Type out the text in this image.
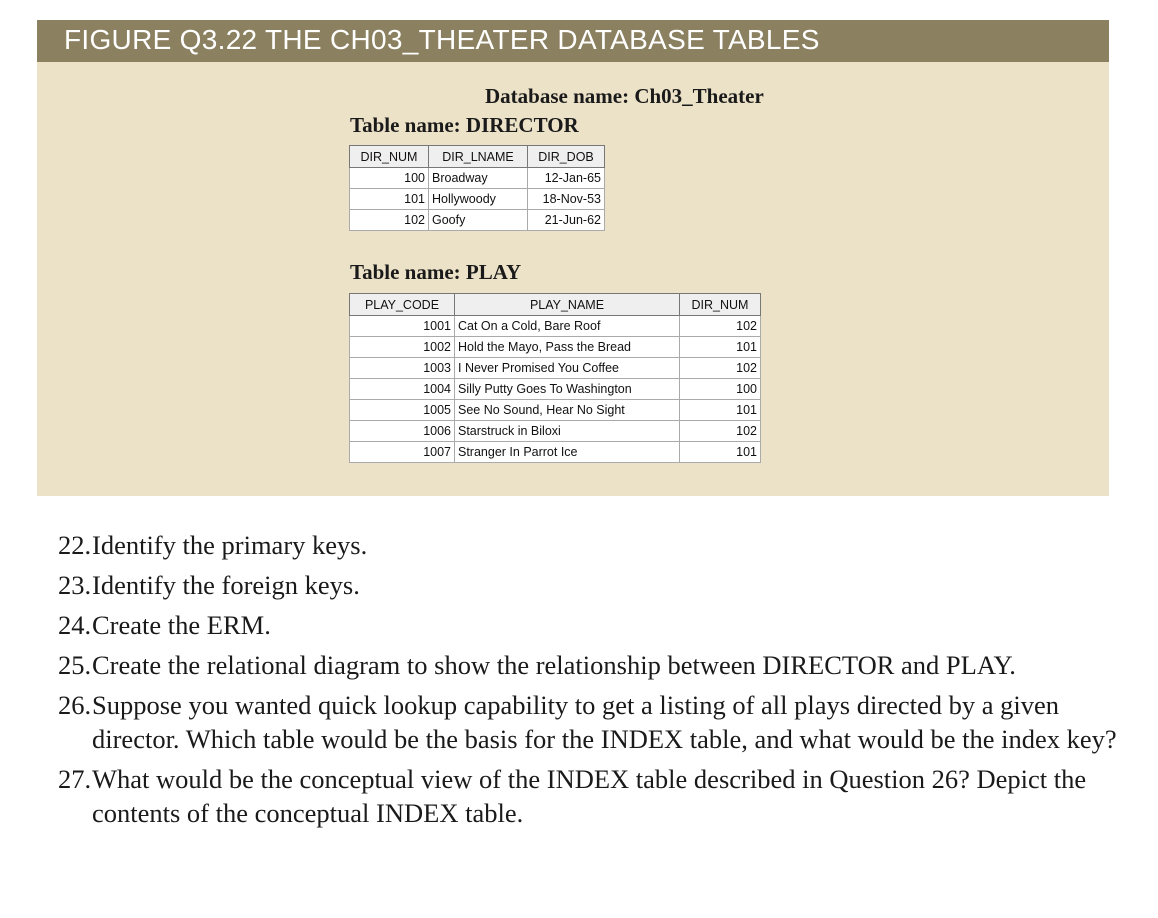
FIGURE Q3.22 THE CH03_THEATER DATABASE TABLES
Database name: Ch03_Theater
Table name: DIRECTOR
DIR_NUM	DIR_LNAME	DIR_DOB
100	Broadway	12-Jan-65
101	Hollywoody	18-Nov-53
102	Goofy	21-Jun-62
Table name: PLAY
PLAY_CODE	PLAY_NAME	DIR_NUM
1001	Cat On a Cold, Bare Roof	102
1002	Hold the Mayo, Pass the Bread	101
1003	I Never Promised You Coffee	102
1004	Silly Putty Goes To Washington	100
1005	See No Sound, Hear No Sight	101
1006	Starstruck in Biloxi	102
1007	Stranger In Parrot Ice	101
22. Identify the primary keys.
23. Identify the foreign keys.
24. Create the ERM.
25. Create the relational diagram to show the relationship between DIRECTOR and PLAY.
26. Suppose you wanted quick lookup capability to get a listing of all plays directed by a given director. Which table would be the basis for the INDEX table, and what would be the index key?
27. What would be the conceptual view of the INDEX table described in Question 26? Depict the contents of the conceptual INDEX table.
